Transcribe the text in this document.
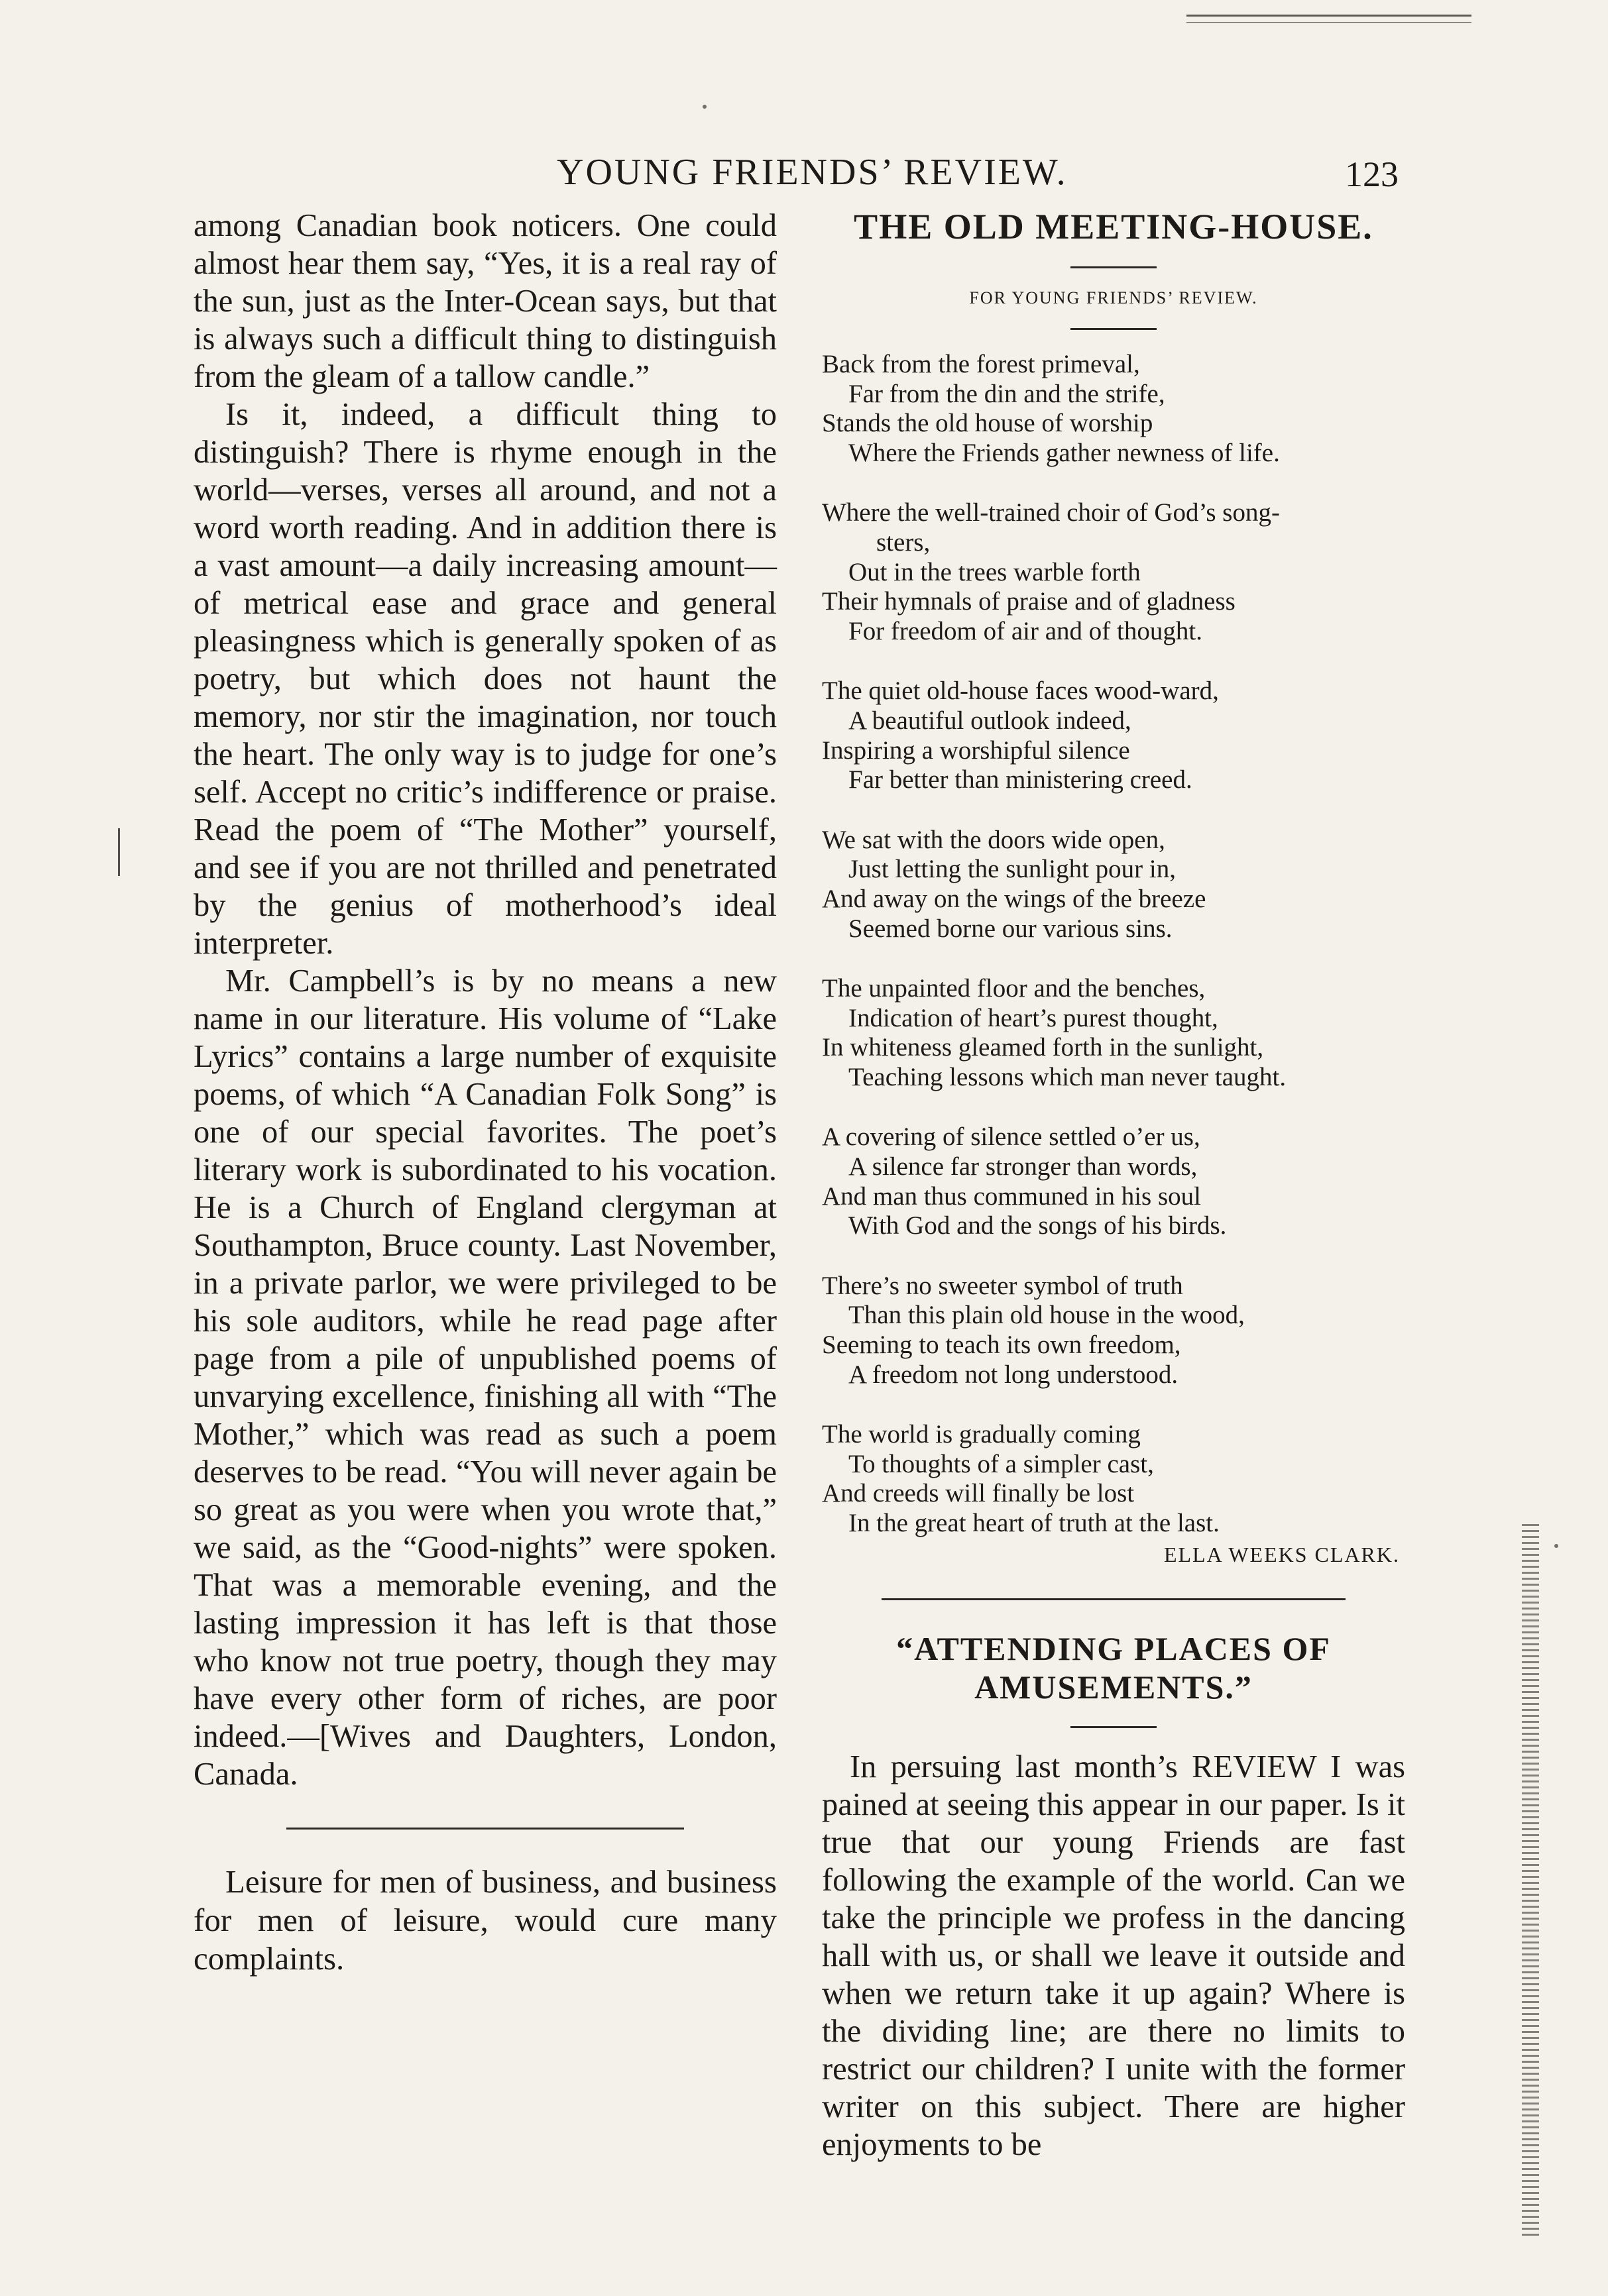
YOUNG FRIENDS’ REVIEW.	123

among Canadian book noticers. One could almost hear them say, “Yes, it is a real ray of the sun, just as the Inter-Ocean says, but that is always such a difficult thing to distinguish from the gleam of a tallow candle.”

Is it, indeed, a difficult thing to distinguish? There is rhyme enough in the world—verses, verses all around, and not a word worth reading. And in addition there is a vast amount—a daily increasing amount—of metrical ease and grace and general pleasingness which is generally spoken of as poetry, but which does not haunt the memory, nor stir the imagination, nor touch the heart. The only way is to judge for one’s self. Accept no critic’s indifference or praise. Read the poem of “The Mother” yourself, and see if you are not thrilled and penetrated by the genius of motherhood’s ideal interpreter.

Mr. Campbell’s is by no means a new name in our literature. His volume of “Lake Lyrics” contains a large number of exquisite poems, of which “A Canadian Folk Song” is one of our special favorites. The poet’s literary work is subordinated to his vocation. He is a Church of England clergyman at Southampton, Bruce county. Last November, in a private parlor, we were privileged to be his sole auditors, while he read page after page from a pile of unpublished poems of unvarying excellence, finishing all with “The Mother,” which was read as such a poem deserves to be read. “You will never again be so great as you were when you wrote that,” we said, as the “Good-nights” were spoken. That was a memorable evening, and the lasting impression it has left is that those who know not true poetry, though they may have every other form of riches, are poor indeed.—[Wives and Daughters, London, Canada.

Leisure for men of business, and business for men of leisure, would cure many complaints.

THE OLD MEETING-HOUSE.

FOR YOUNG FRIENDS’ REVIEW.

Back from the forest primeval,
Far from the din and the strife,
Stands the old house of worship
Where the Friends gather newness of life.
Where the well-trained choir of God’s song-
sters,
Out in the trees warble forth
Their hymnals of praise and of gladness
For freedom of air and of thought.
The quiet old-house faces wood-ward,
A beautiful outlook indeed,
Inspiring a worshipful silence
Far better than ministering creed.
We sat with the doors wide open,
Just letting the sunlight pour in,
And away on the wings of the breeze
Seemed borne our various sins.
The unpainted floor and the benches,
Indication of heart’s purest thought,
In whiteness gleamed forth in the sunlight,
Teaching lessons which man never taught.
A covering of silence settled o’er us,
A silence far stronger than words,
And man thus communed in his soul
With God and the songs of his birds.
There’s no sweeter symbol of truth
Than this plain old house in the wood,
Seeming to teach its own freedom,
A freedom not long understood.
The world is gradually coming
To thoughts of a simpler cast,
And creeds will finally be lost
In the great heart of truth at the last.
ELLA WEEKS CLARK.
“ATTENDING PLACES OF
AMUSEMENTS.”

In persuing last month’s REVIEW I was pained at seeing this appear in our paper. Is it true that our young Friends are fast following the example of the world. Can we take the principle we profess in the dancing hall with us, or shall we leave it outside and when we return take it up again? Where is the dividing line; are there no limits to restrict our children? I unite with the former writer on this subject. There are higher enjoyments to be
